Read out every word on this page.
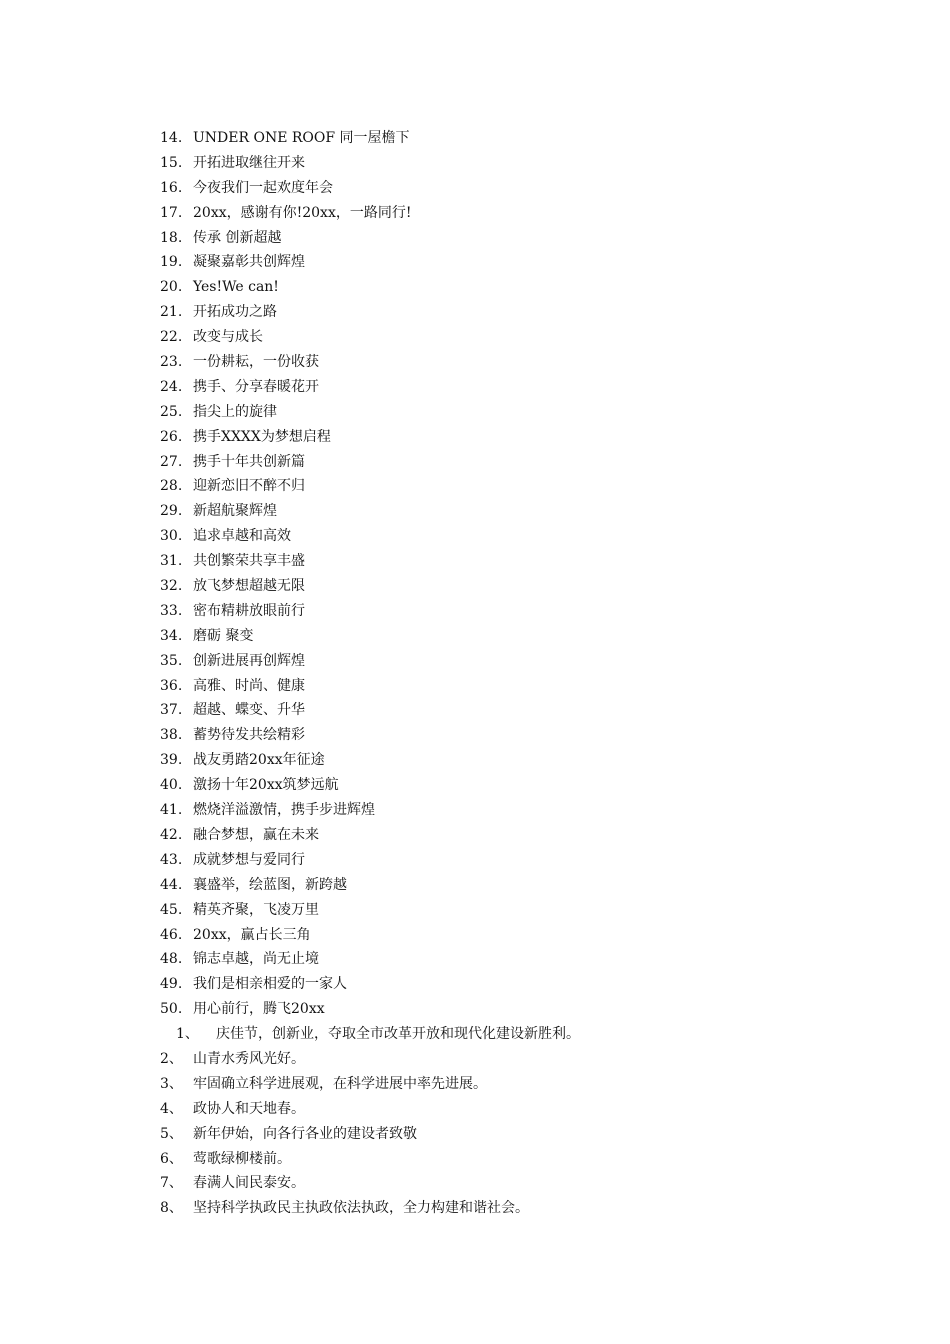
14. UNDER ONE ROOF 同一屋檐下
15. 开拓进取继往开来
16. 今夜我们一起欢度年会
17. 20xx，感谢有你!20xx，一路同行!
18. 传承 创新超越
19. 凝聚嘉彰共创辉煌
20. Yes!We can!
21. 开拓成功之路
22. 改变与成长
23. 一份耕耘，一份收获
24. 携手、分享春暖花开
25. 指尖上的旋律
26. 携手XXXX为梦想启程
27. 携手十年共创新篇
28. 迎新恋旧不醉不归
29. 新超航聚辉煌
30. 追求卓越和高效
31. 共创繁荣共享丰盛
32. 放飞梦想超越无限
33. 密布精耕放眼前行
34. 磨砺 聚变
35. 创新进展再创辉煌
36. 高雅、时尚、健康
37. 超越、蝶变、升华
38. 蓄势待发共绘精彩
39. 战友勇踏20xx年征途
40. 激扬十年20xx筑梦远航
41. 燃烧洋溢激情，携手步进辉煌
42. 融合梦想，赢在未来
43. 成就梦想与爱同行
44. 襄盛举，绘蓝图，新跨越
45. 精英齐聚，飞凌万里
46. 20xx，赢占长三角
48. 锦志卓越，尚无止境
49. 我们是相亲相爱的一家人
50. 用心前行，腾飞20xx
1、	庆佳节，创新业，夺取全市改革开放和现代化建设新胜利。
2、 山青水秀风光好。
3、 牢固确立科学进展观，在科学进展中率先进展。
4、 政协人和天地春。
5、 新年伊始，向各行各业的建设者致敬
6、 莺歌绿柳楼前。
7、 春满人间民泰安。
8、 坚持科学执政民主执政依法执政，全力构建和谐社会。
